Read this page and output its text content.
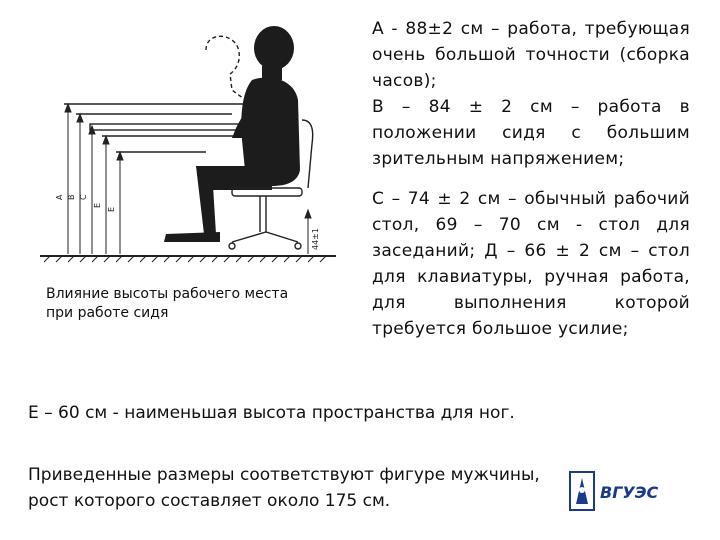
A B C
E
E
44±1
Влияние высоты рабочего места
при работе сидя

А - 88±2 см – работа, требующая очень большой точности (сборка часов);

В – 84 ± 2 см – работа в положении сидя с большим зрительным напряжением;

С – 74 ± 2 см – обычный рабочий стол, 69 – 70 см - стол для заседаний; Д – 66 ± 2 см – стол для клавиатуры, ручная работа, для выполнения которой требуется большое усилие;

Е – 60 см - наименьшая высота пространства для ног.

Приведенные размеры соответствуют фигуре мужчины,

рост которого составляет около 175 см.	ВГУЭС
